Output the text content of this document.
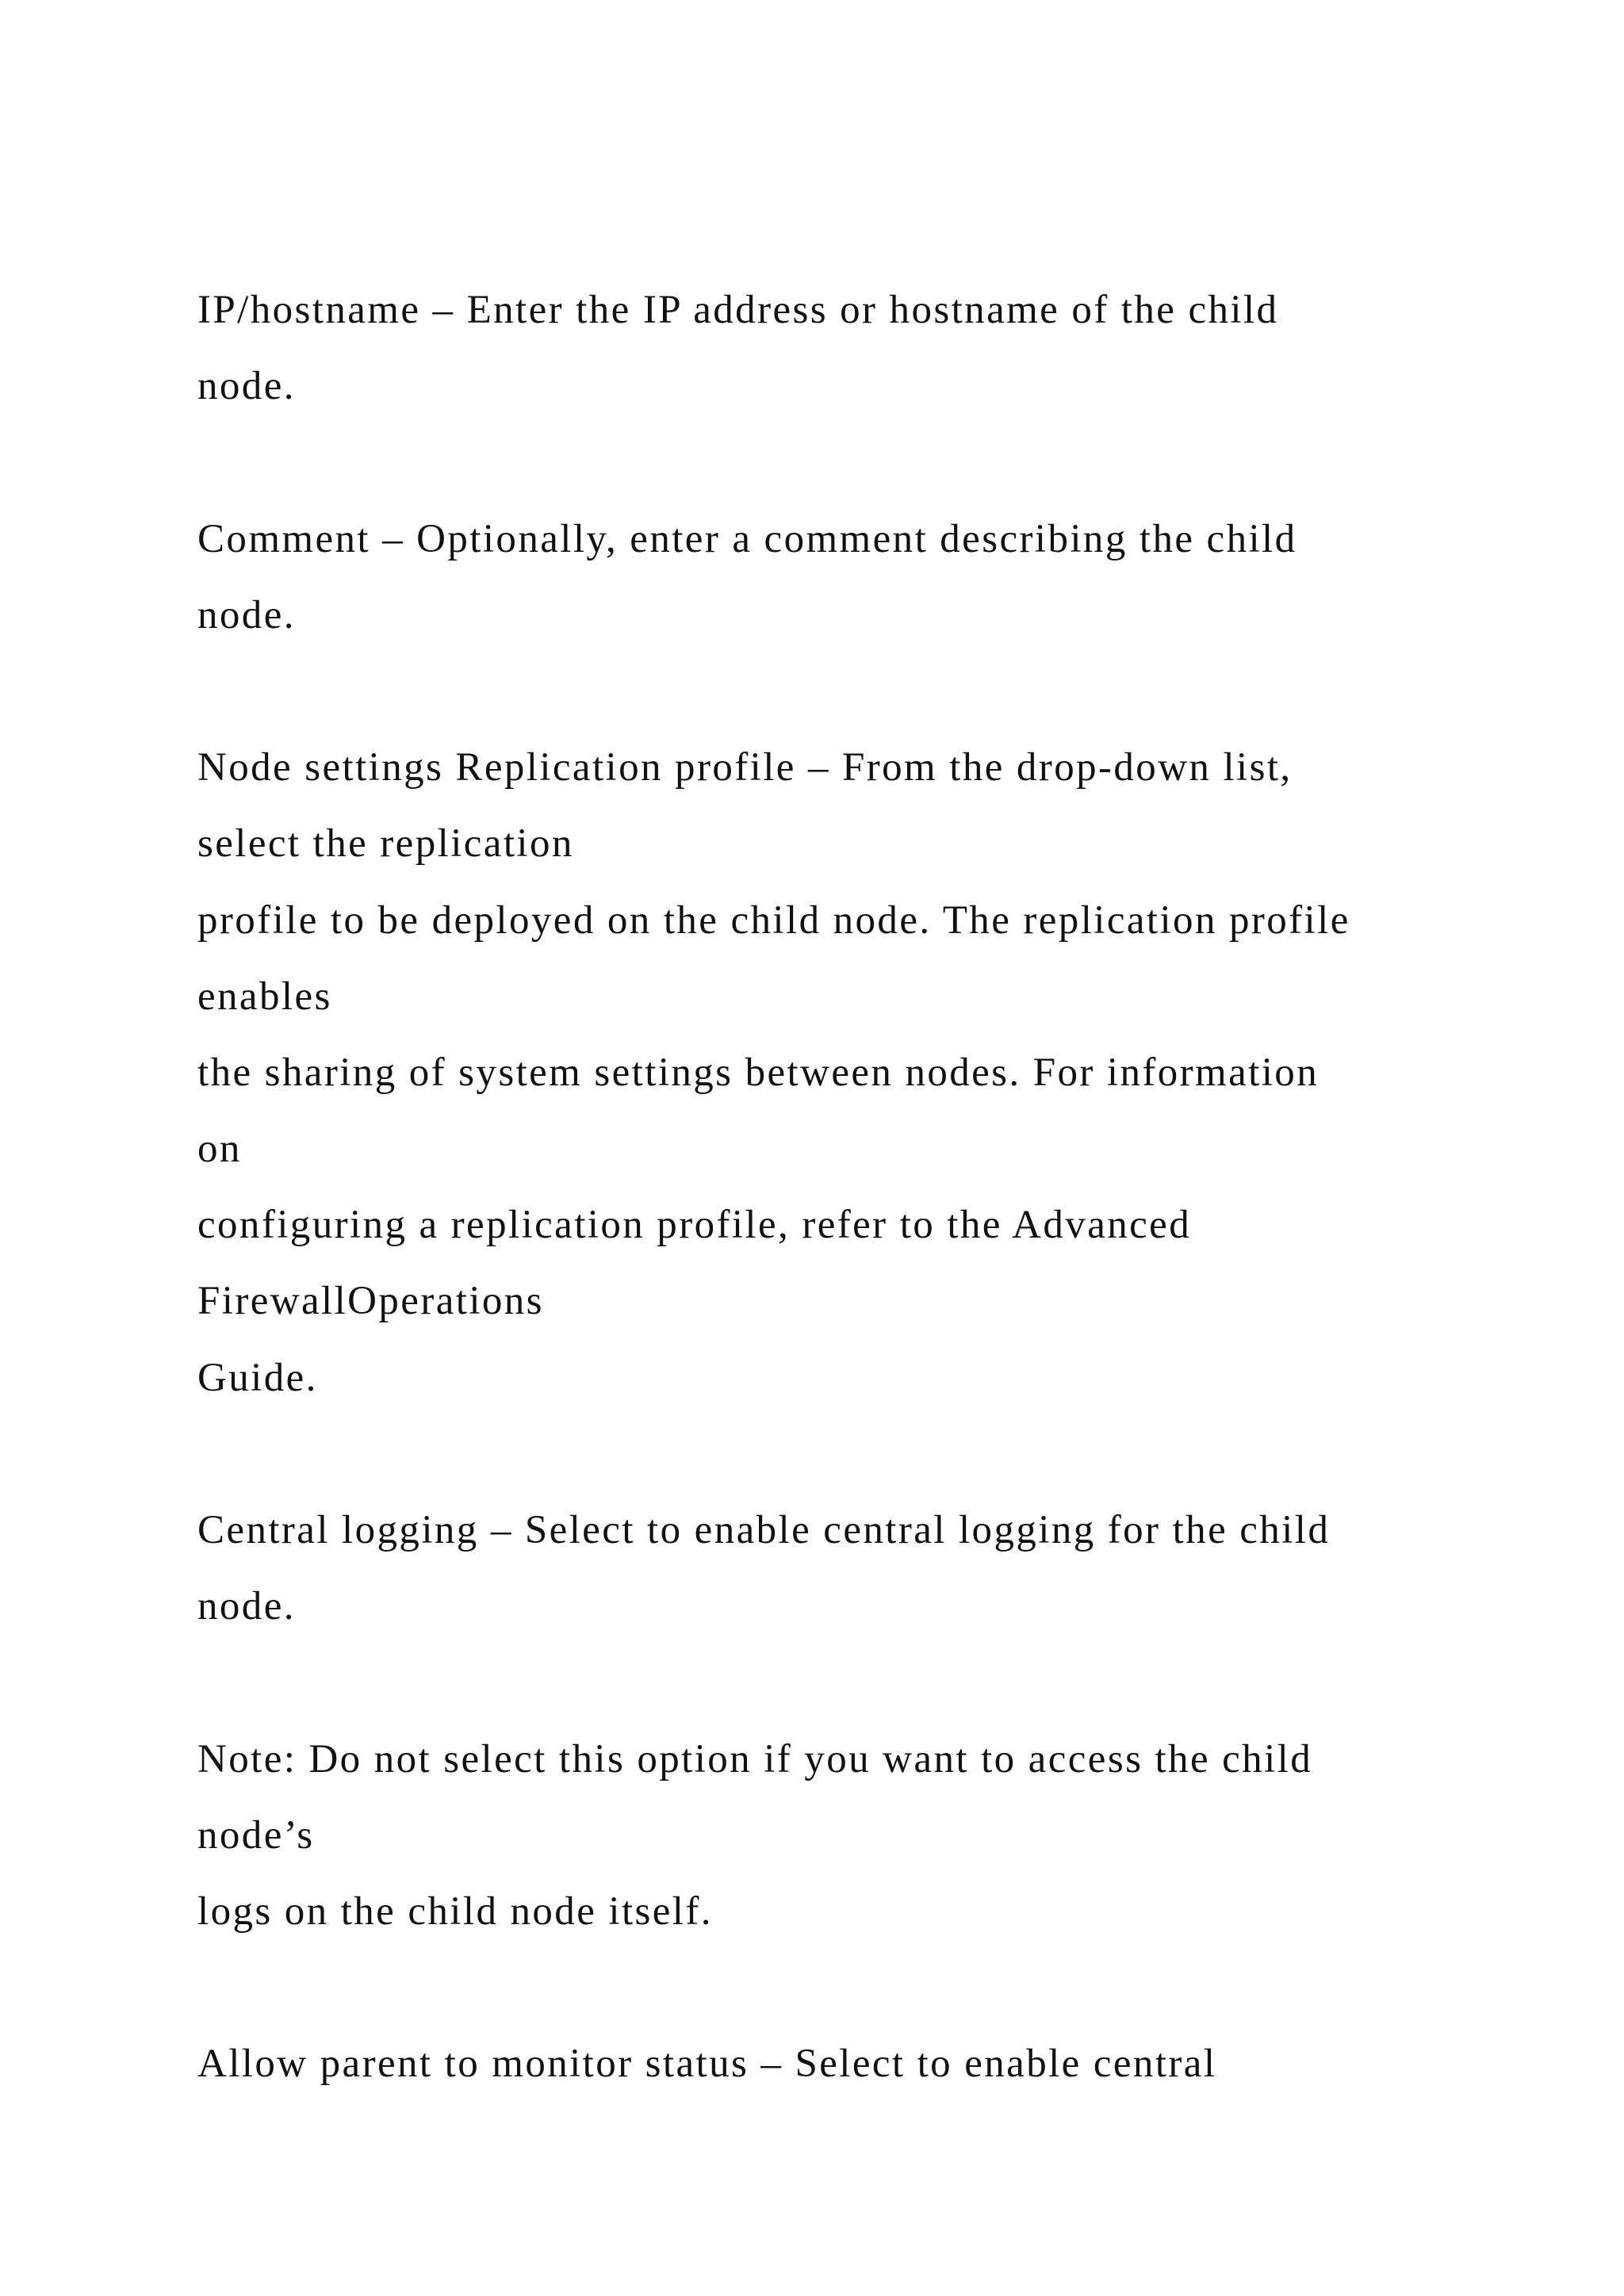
IP/hostname – Enter the IP address or hostname of the child
node.
Comment – Optionally, enter a comment describing the child
node.
Node settings Replication profile – From the drop-down list,
select the replication
profile to be deployed on the child node. The replication profile
enables
the sharing of system settings between nodes. For information
on
configuring a replication profile, refer to the Advanced
FirewallOperations
Guide.
Central logging – Select to enable central logging for the child
node.
Note: Do not select this option if you want to access the child
node’s
logs on the child node itself.
Allow parent to monitor status – Select to enable central
